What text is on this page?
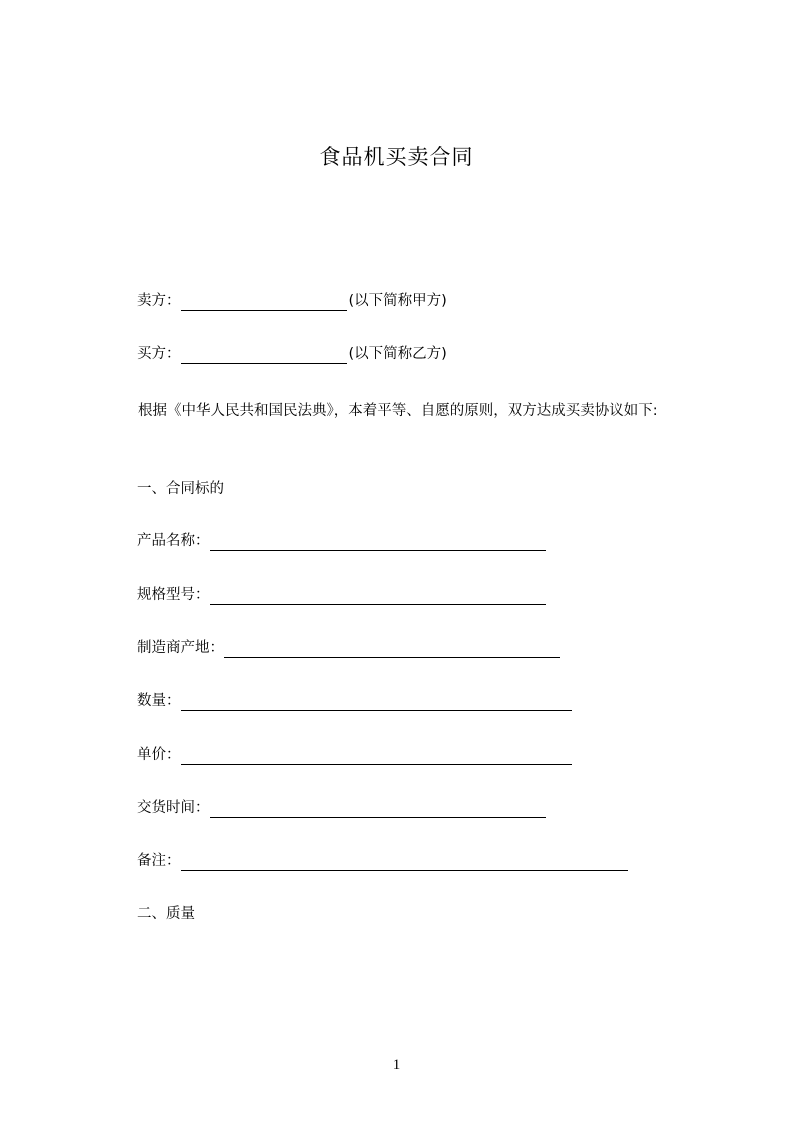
食品机买卖合同
卖方：	(以下简称甲方)
买方：	(以下简称乙方)
根据《中华人民共和国民法典》，本着平等、自愿的原则，双方达成买卖协议如下:
一、合同标的
产品名称：
规格型号：
制造商产地：
数量：
单价：
交货时间：
备注：
二、质量
1
